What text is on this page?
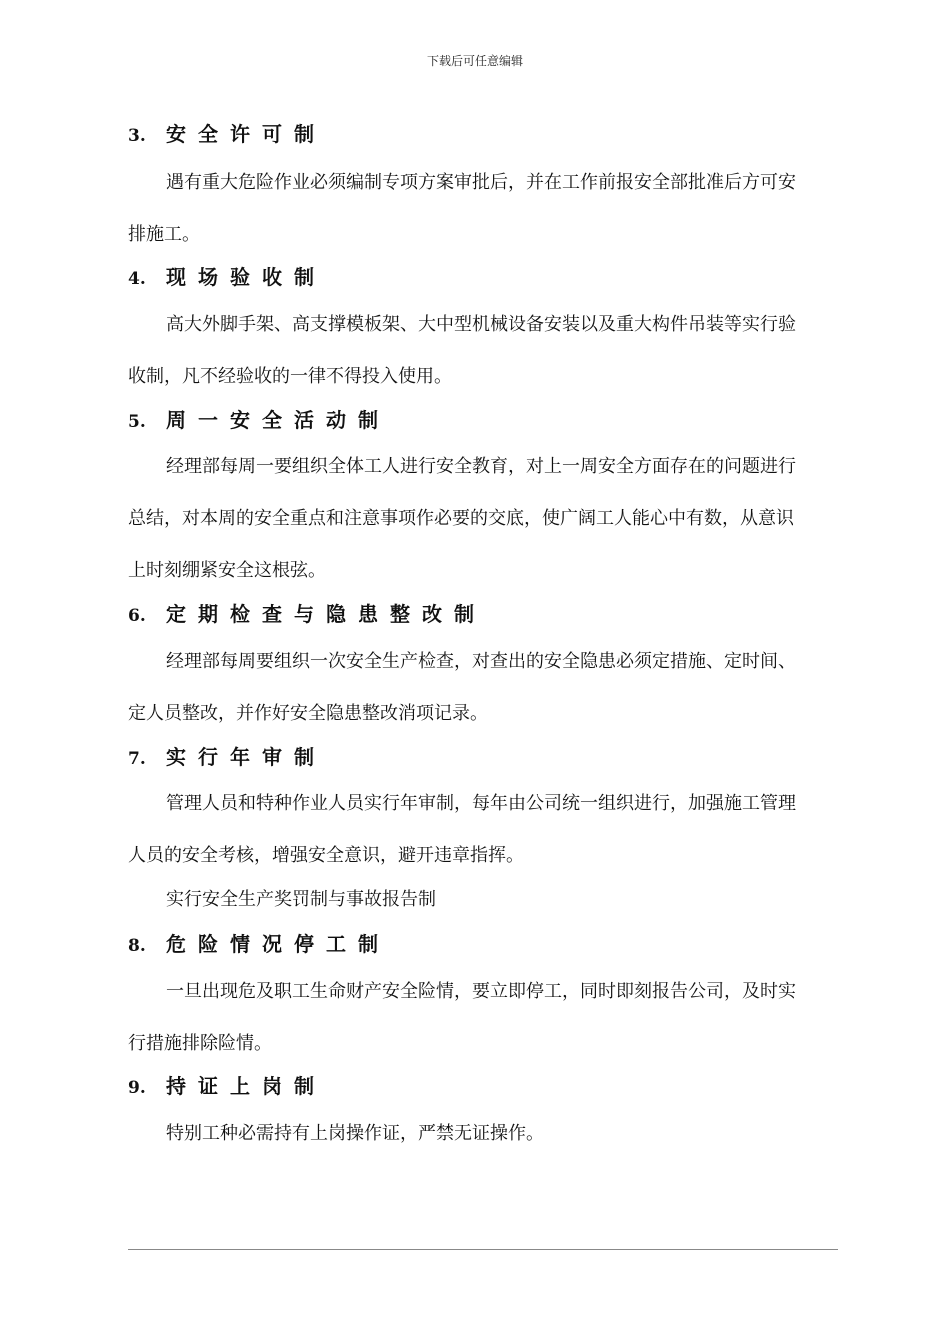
下载后可任意编辑
3. 安全许可制
遇有重大危险作业必须编制专项方案审批后，并在工作前报安全部批准后方可安
排施工。
4. 现场验收制
高大外脚手架、高支撑模板架、大中型机械设备安装以及重大构件吊装等实行验
收制，凡不经验收的一律不得投入使用。
5. 周一安全活动制
经理部每周一要组织全体工人进行安全教育，对上一周安全方面存在的问题进行
总结，对本周的安全重点和注意事项作必要的交底，使广阔工人能心中有数，从意识
上时刻绷紧安全这根弦。
6. 定期检查与隐患整改制
经理部每周要组织一次安全生产检查，对查出的安全隐患必须定措施、定时间、
定人员整改，并作好安全隐患整改消项记录。
7. 实行年审制
管理人员和特种作业人员实行年审制，每年由公司统一组织进行，加强施工管理
人员的安全考核，增强安全意识，避开违章指挥。
实行安全生产奖罚制与事故报告制
8. 危险情况停工制
一旦出现危及职工生命财产安全险情，要立即停工，同时即刻报告公司，及时实
行措施排除险情。
9. 持证上岗制
特别工种必需持有上岗操作证，严禁无证操作。
